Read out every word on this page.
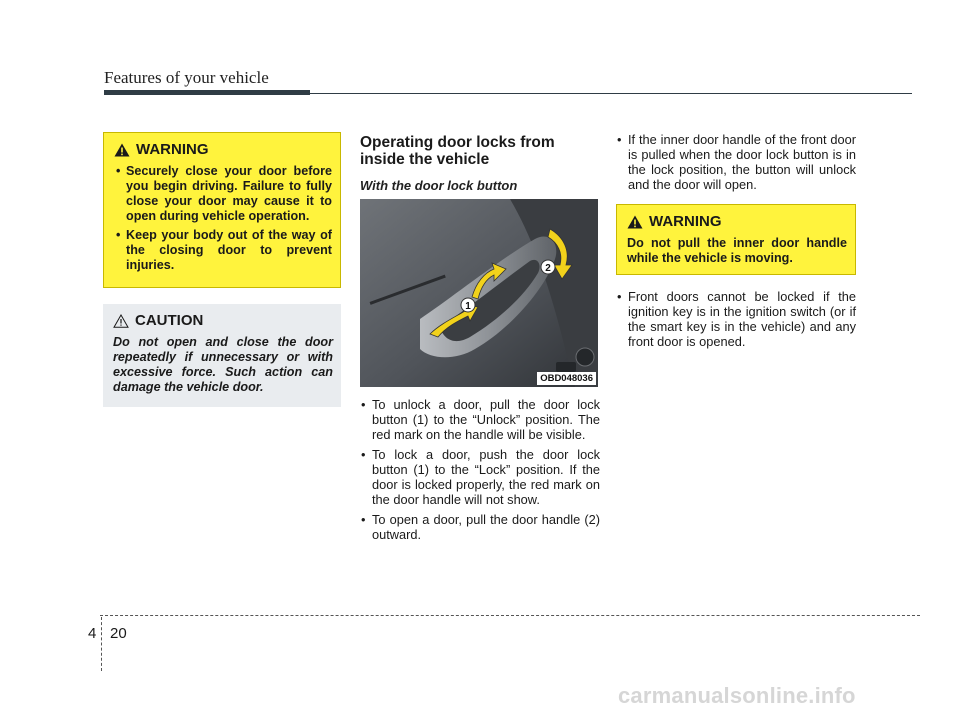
Features of your vehicle
WARNING
• Securely close your door before you begin driving. Failure to fully close your door may cause it to open during vehicle operation.
• Keep your body out of the way of the closing door to prevent injuries.
CAUTION

Do not open and close the door repeatedly if unnecessary or with excessive force. Such action can damage the vehicle door.

Operating door locks from inside the vehicle
With the door lock button
1
2
OBD048036
• To unlock a door, pull the door lock button (1) to the “Unlock” position. The red mark on the handle will be visible.
• To lock a door, push the door lock button (1) to the “Lock” position. If the door is locked properly, the red mark on the door handle will not show.
• To open a door, pull the door handle (2) outward.
• If the inner door handle of the front door is pulled when the door lock button is in the lock position, the button will unlock and the door will open.
WARNING

Do not pull the inner door handle while the vehicle is moving.

• Front doors cannot be locked if the ignition key is in the ignition switch (or if the smart key is in the vehicle) and any front door is opened.
4 20
carmanualsonline.info
